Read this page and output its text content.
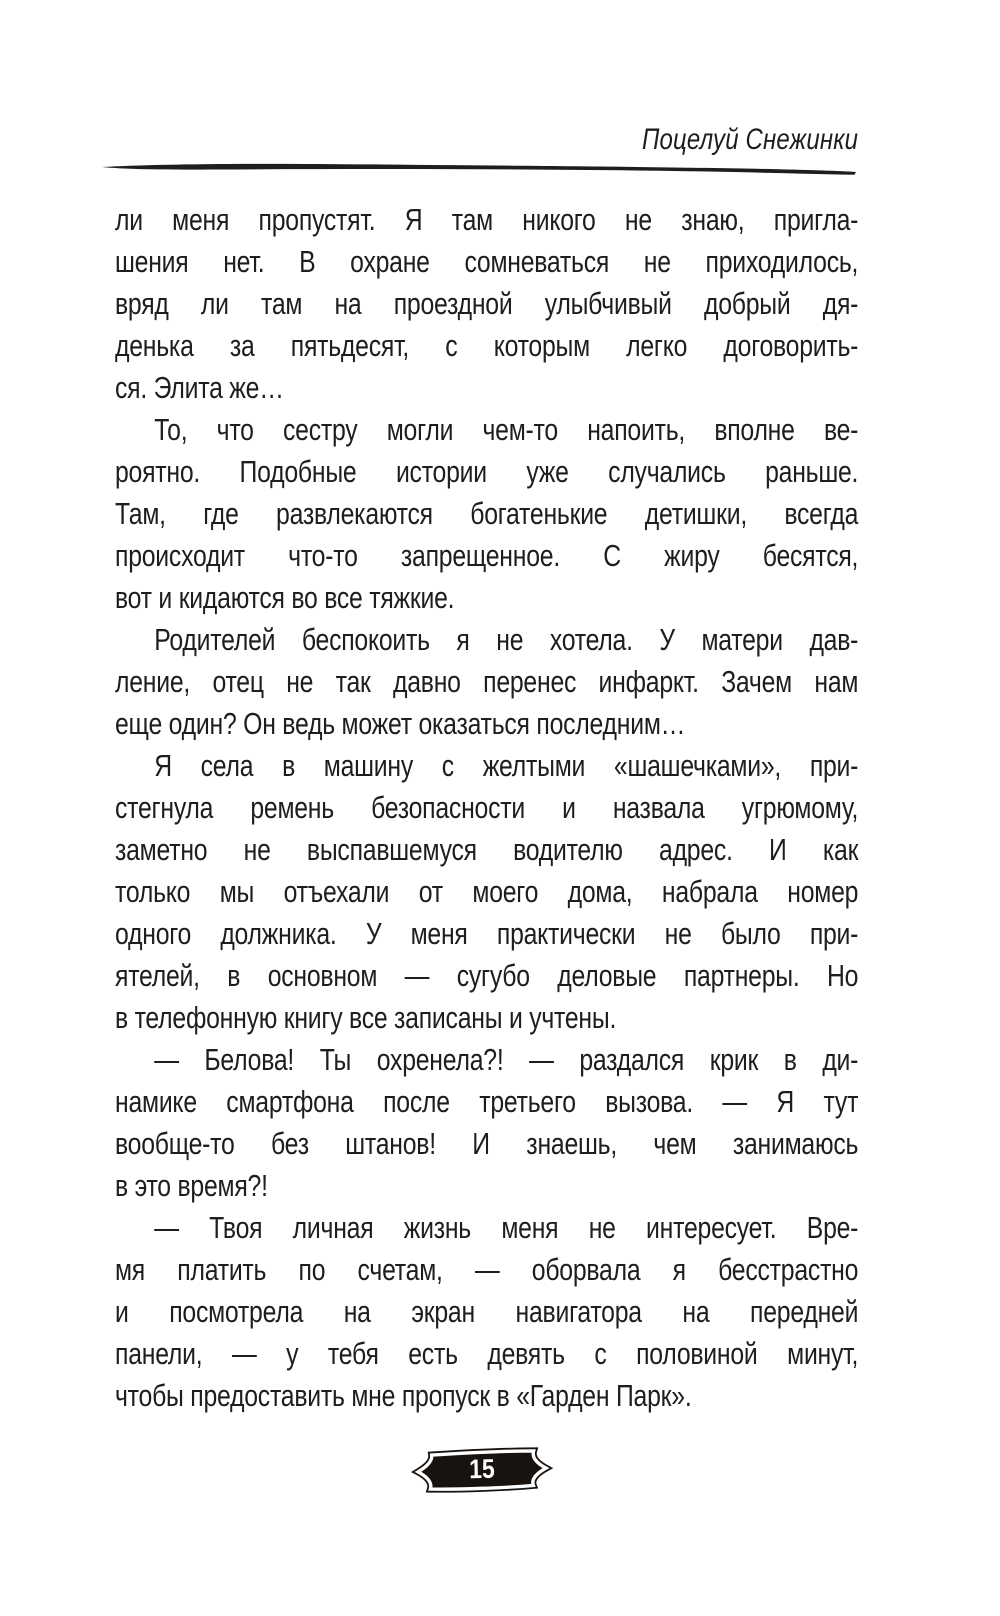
Поцелуй Снежинки

ли меня пропустят. Я там никого не знаю, пригла-
шения нет. В охране сомневаться не приходилось,
вряд ли там на проездной улыбчивый добрый дя-
денька за пятьдесят, с которым легко договорить-
ся. Элита же…

То, что сестру могли чем-то напоить, вполне ве-
роятно. Подобные истории уже случались раньше.
Там, где развлекаются богатенькие детишки, всегда
происходит что-то запрещенное. С жиру бесятся,
вот и кидаются во все тяжкие.

Родителей беспокоить я не хотела. У матери дав-
ление, отец не так давно перенес инфаркт. Зачем нам
еще один? Он ведь может оказаться последним…

Я села в машину с желтыми «шашечками», при-
стегнула ремень безопасности и назвала угрюмому,
заметно не выспавшемуся водителю адрес. И как
только мы отъехали от моего дома, набрала номер
одного должника. У меня практически не было при-
ятелей, в основном — сугубо деловые партнеры. Но
в телефонную книгу все записаны и учтены.

— Белова! Ты охренела?! — раздался крик в ди-
намике смартфона после третьего вызова. — Я тут
вообще-то без штанов! И знаешь, чем занимаюсь
в это время?!

— Твоя личная жизнь меня не интересует. Вре-
мя платить по счетам, — оборвала я бесстрастно
и посмотрела на экран навигатора на передней
панели, — у тебя есть девять с половиной минут,
чтобы предоставить мне пропуск в «Гарден Парк».

15
